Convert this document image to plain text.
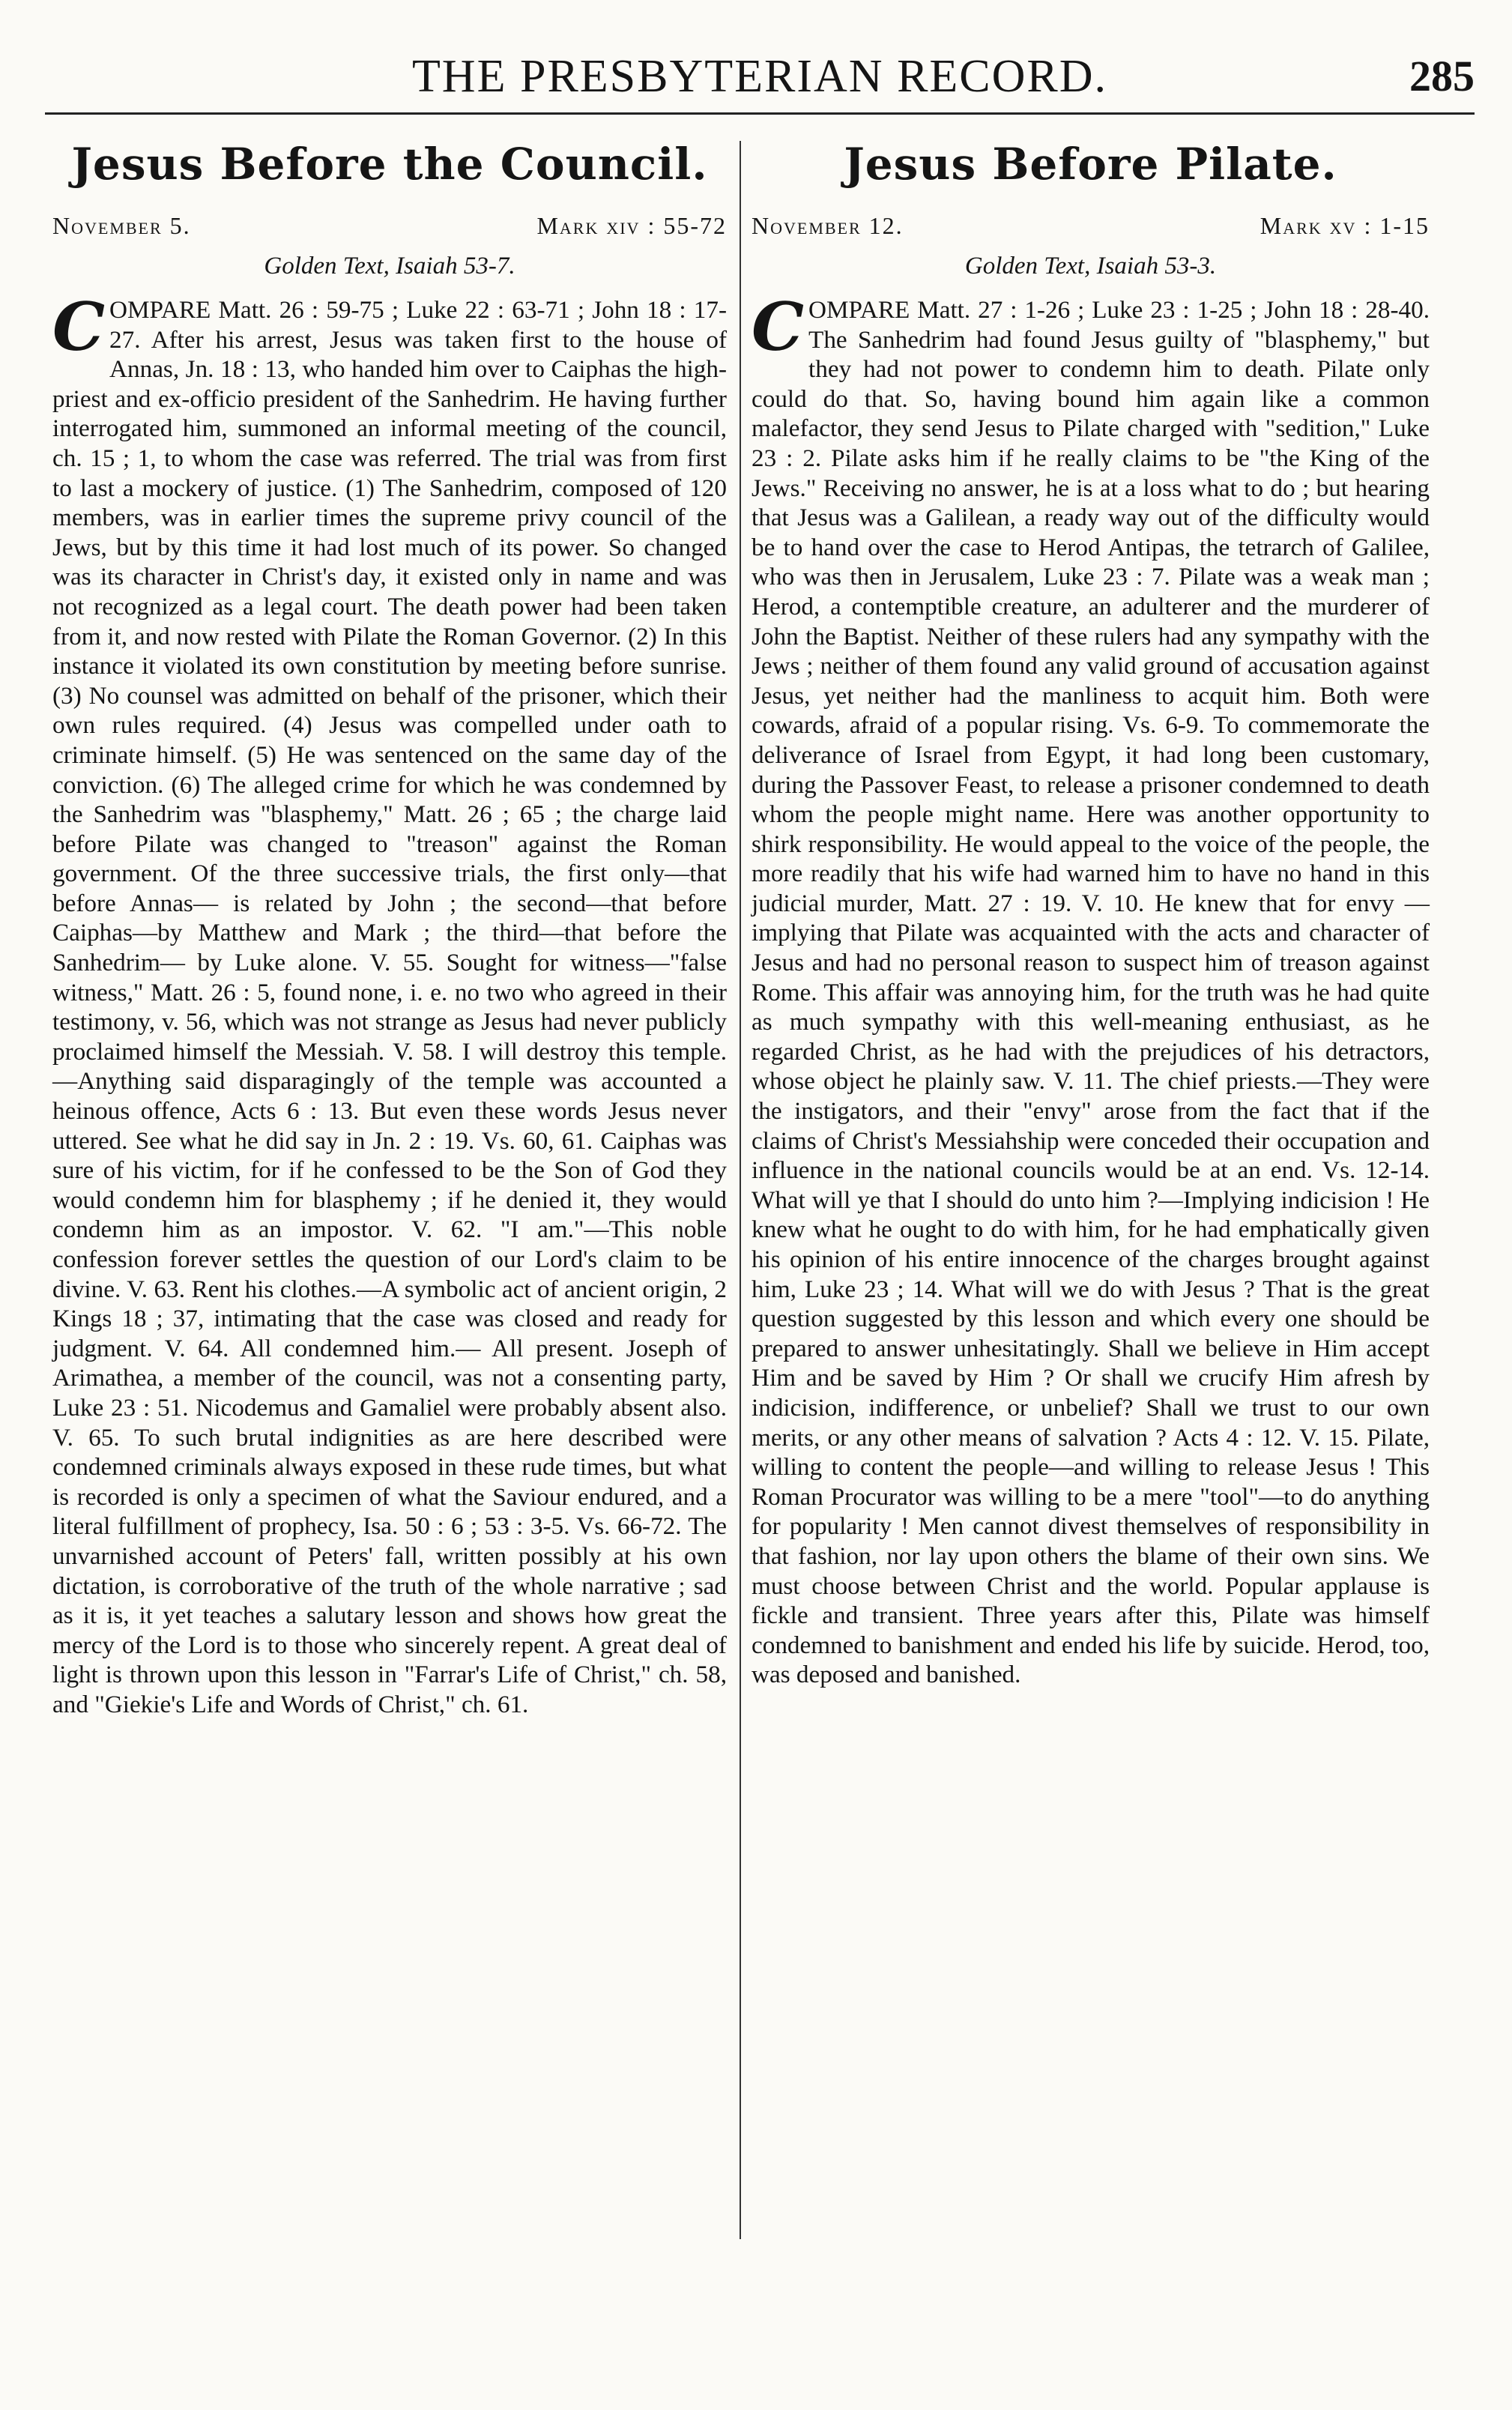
THE PRESBYTERIAN RECORD.	285
Jesus Before the Council.
November 5.	Mark xiv : 55-72
Golden Text, Isaiah 53-7.
C OMPARE Matt. 26 : 59-75 ; Luke 22 : 63-71 ; John 18 : 17-27. After his arrest, Jesus was taken first to the house of Annas, Jn. 18 : 13, who handed him over to Caiphas the high-priest and ex-officio president of the Sanhedrim. He having further interrogated him, summoned an informal meeting of the council, ch. 15 ; 1, to whom the case was referred. The trial was from first to last a mockery of justice. (1) The Sanhedrim, composed of 120 members, was in earlier times the supreme privy council of the Jews, but by this time it had lost much of its power. So changed was its character in Christ's day, it existed only in name and was not recognized as a legal court. The death power had been taken from it, and now rested with Pilate the Roman Governor. (2) In this instance it violated its own constitution by meeting before sunrise. (3) No counsel was admitted on behalf of the prisoner, which their own rules required. (4) Jesus was compelled under oath to criminate himself. (5) He was sentenced on the same day of the conviction. (6) The alleged crime for which he was condemned by the Sanhedrim was "blasphemy," Matt. 26 ; 65 ; the charge laid before Pilate was changed to "treason" against the Roman government. Of the three successive trials, the first only—that before Annas— is related by John ; the second—that before Caiphas—by Matthew and Mark ; the third—that before the Sanhedrim— by Luke alone. V. 55. Sought for witness—"false witness," Matt. 26 : 5, found none, i. e. no two who agreed in their testimony, v. 56, which was not strange as Jesus had never publicly proclaimed himself the Messiah. V. 58. I will destroy this temple.—Anything said disparagingly of the temple was accounted a heinous offence, Acts 6 : 13. But even these words Jesus never uttered. See what he did say in Jn. 2 : 19. Vs. 60, 61. Caiphas was sure of his victim, for if he confessed to be the Son of God they would condemn him for blasphemy ; if he denied it, they would condemn him as an impostor. V. 62. "I am."—This noble confession forever settles the question of our Lord's claim to be divine. V. 63. Rent his clothes.—A symbolic act of ancient origin, 2 Kings 18 ; 37, intimating that the case was closed and ready for judgment. V. 64. All condemned him.— All present. Joseph of Arimathea, a member of the council, was not a consenting party, Luke 23 : 51. Nicodemus and Gamaliel were probably absent also. V. 65. To such brutal indignities as are here described were condemned criminals always exposed in these rude times, but what is recorded is only a specimen of what the Saviour endured, and a literal fulfillment of prophecy, Isa. 50 : 6 ; 53 : 3-5. Vs. 66-72. The unvarnished account of Peters' fall, written possibly at his own dictation, is corroborative of the truth of the whole narrative ; sad as it is, it yet teaches a salutary lesson and shows how great the mercy of the Lord is to those who sincerely repent. A great deal of light is thrown upon this lesson in "Farrar's Life of Christ," ch. 58, and "Giekie's Life and Words of Christ," ch. 61.

Jesus Before Pilate.
November 12.	Mark xv : 1-15
Golden Text, Isaiah 53-3.
C OMPARE Matt. 27 : 1-26 ; Luke 23 : 1-25 ; John 18 : 28-40. The Sanhedrim had found Jesus guilty of "blasphemy," but they had not power to condemn him to death. Pilate only could do that. So, having bound him again like a common malefactor, they send Jesus to Pilate charged with "sedition," Luke 23 : 2. Pilate asks him if he really claims to be "the King of the Jews." Receiving no answer, he is at a loss what to do ; but hearing that Jesus was a Galilean, a ready way out of the difficulty would be to hand over the case to Herod Antipas, the tetrarch of Galilee, who was then in Jerusalem, Luke 23 : 7. Pilate was a weak man ; Herod, a contemptible creature, an adulterer and the murderer of John the Baptist. Neither of these rulers had any sympathy with the Jews ; neither of them found any valid ground of accusation against Jesus, yet neither had the manliness to acquit him. Both were cowards, afraid of a popular rising. Vs. 6-9. To commemorate the deliverance of Israel from Egypt, it had long been customary, during the Passover Feast, to release a prisoner condemned to death whom the people might name. Here was another opportunity to shirk responsibility. He would appeal to the voice of the people, the more readily that his wife had warned him to have no hand in this judicial murder, Matt. 27 : 19. V. 10. He knew that for envy —implying that Pilate was acquainted with the acts and character of Jesus and had no personal reason to suspect him of treason against Rome. This affair was annoying him, for the truth was he had quite as much sympathy with this well-meaning enthusiast, as he regarded Christ, as he had with the prejudices of his detractors, whose object he plainly saw. V. 11. The chief priests.—They were the instigators, and their "envy" arose from the fact that if the claims of Christ's Messiahship were conceded their occupation and influence in the national councils would be at an end. Vs. 12-14. What will ye that I should do unto him ?—Implying indicision ! He knew what he ought to do with him, for he had emphatically given his opinion of his entire innocence of the charges brought against him, Luke 23 ; 14. What will we do with Jesus ? That is the great question suggested by this lesson and which every one should be prepared to answer unhesitatingly. Shall we believe in Him accept Him and be saved by Him ? Or shall we crucify Him afresh by indicision, indifference, or unbelief? Shall we trust to our own merits, or any other means of salvation ? Acts 4 : 12. V. 15. Pilate, willing to content the people—and willing to release Jesus ! This Roman Procurator was willing to be a mere "tool"—to do anything for popularity ! Men cannot divest themselves of responsibility in that fashion, nor lay upon others the blame of their own sins. We must choose between Christ and the world. Popular applause is fickle and transient. Three years after this, Pilate was himself condemned to banishment and ended his life by suicide. Herod, too, was deposed and banished.
